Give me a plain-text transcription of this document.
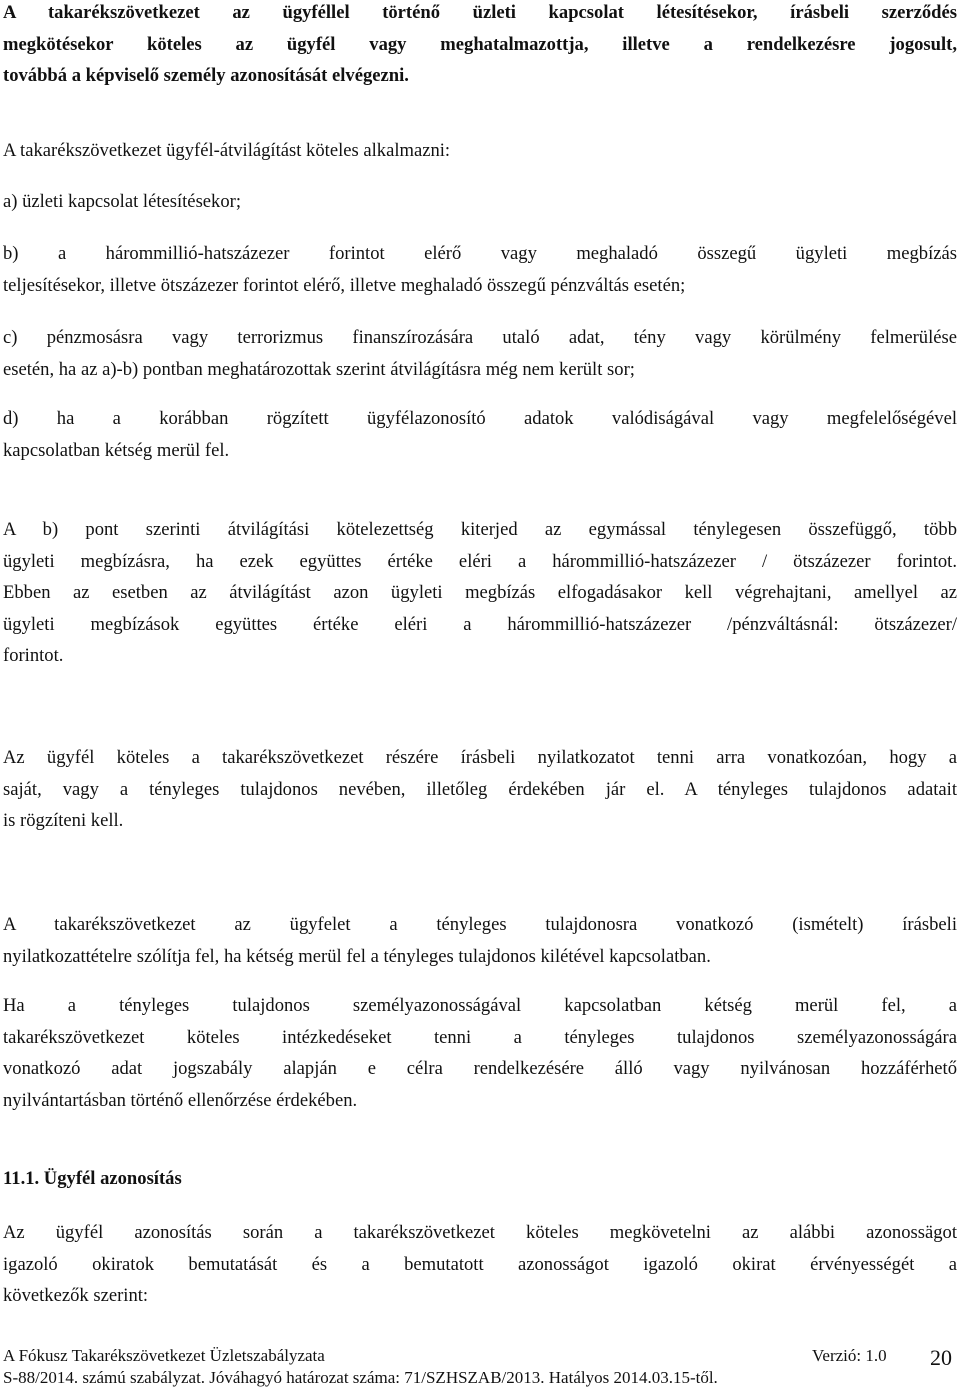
A takarékszövetkezet az ügyféllel történő üzleti kapcsolat létesítésekor, írásbeli szerződés
megkötésekor köteles az ügyfél vagy meghatalmazottja, illetve a rendelkezésre jogosult,
továbbá a képviselő személy azonosítását elvégezni.
A takarékszövetkezet ügyfél-átvilágítást köteles alkalmazni:
a) üzleti kapcsolat létesítésekor;
b) a hárommillió-hatszázezer forintot elérő vagy meghaladó összegű ügyleti megbízás
teljesítésekor, illetve ötszázezer forintot elérő, illetve meghaladó összegű pénzváltás esetén;
c) pénzmosásra vagy terrorizmus finanszírozására utaló adat, tény vagy körülmény felmerülése
esetén, ha az a)-b) pontban meghatározottak szerint átvilágításra még nem került sor;
d) ha a korábban rögzített ügyfélazonosító adatok valódiságával vagy megfelelőségével
kapcsolatban kétség merül fel.
A b) pont szerinti átvilágítási kötelezettség kiterjed az egymással ténylegesen összefüggő, több
ügyleti megbízásra, ha ezek együttes értéke eléri a hárommillió-hatszázezer / ötszázezer forintot.
Ebben az esetben az átvilágítást azon ügyleti megbízás elfogadásakor kell végrehajtani, amellyel az
ügyleti megbízások együttes értéke eléri a hárommillió-hatszázezer /pénzváltásnál: ötszázezer/
forintot.
Az ügyfél köteles a takarékszövetkezet részére írásbeli nyilatkozatot tenni arra vonatkozóan, hogy a
saját, vagy a tényleges tulajdonos nevében, illetőleg érdekében jár el. A tényleges tulajdonos adatait
is rögzíteni kell.
A takarékszövetkezet az ügyfelet a tényleges tulajdonosra vonatkozó (ismételt) írásbeli
nyilatkozattételre szólítja fel, ha kétség merül fel a tényleges tulajdonos kilétével kapcsolatban.
Ha a tényleges tulajdonos személyazonosságával kapcsolatban kétség merül fel, a
takarékszövetkezet köteles intézkedéseket tenni a tényleges tulajdonos személyazonosságára
vonatkozó adat jogszabály alapján e célra rendelkezésére álló vagy nyilvánosan hozzáférhető
nyilvántartásban történő ellenőrzése érdekében.
11.1. Ügyfél azonosítás
Az ügyfél azonosítás során a takarékszövetkezet köteles megkövetelni az alábbi azonossägot
igazoló okiratok bemutatását és a bemutatott azonosságot igazoló okirat érvényességét a
következők szerint:
A Fókusz Takarékszövetkezet Üzletszabályzata	Verzió: 1.0
S-88/2014. számú szabályzat. Jóváhagyó határozat száma: 71/SZHSZAB/2013. Hatályos 2014.03.15-től.
20
